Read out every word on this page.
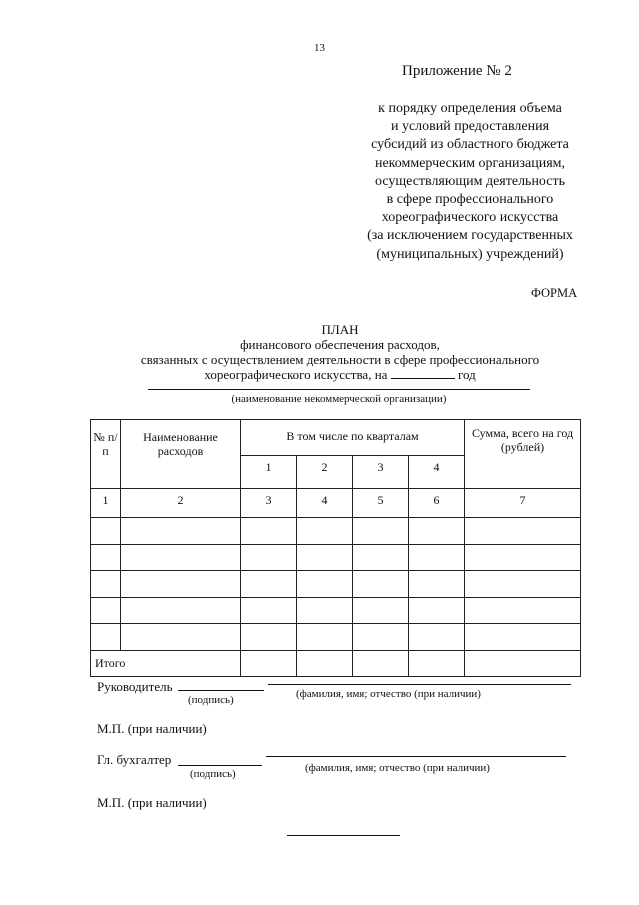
13
Приложение № 2
к порядку определения объема
и условий предоставления
субсидий из областного бюджета
некоммерческим организациям,
осуществляющим деятельность
в сфере профессионального
хореографического искусства
(за исключением государственных
(муниципальных) учреждений)
ФОРМА
ПЛАН
финансового обеспечения расходов,
связанных с осуществлением деятельности в сфере профессионального
хореографического искусства, на	год
(наименование некоммерческой организации)
№ п/п	Наименование расходов	В том числе по кварталам				Сумма, всего на год (рублей)
		1	2	3	4	
1	2	3	4	5	6	7

Итого						
Руководитель
(подпись)	(фамилия, имя; отчество (при наличии)
М.П. (при наличии)
Гл. бухгалтер
(подпись)	(фамилия, имя; отчество (при наличии)
М.П. (при наличии)
